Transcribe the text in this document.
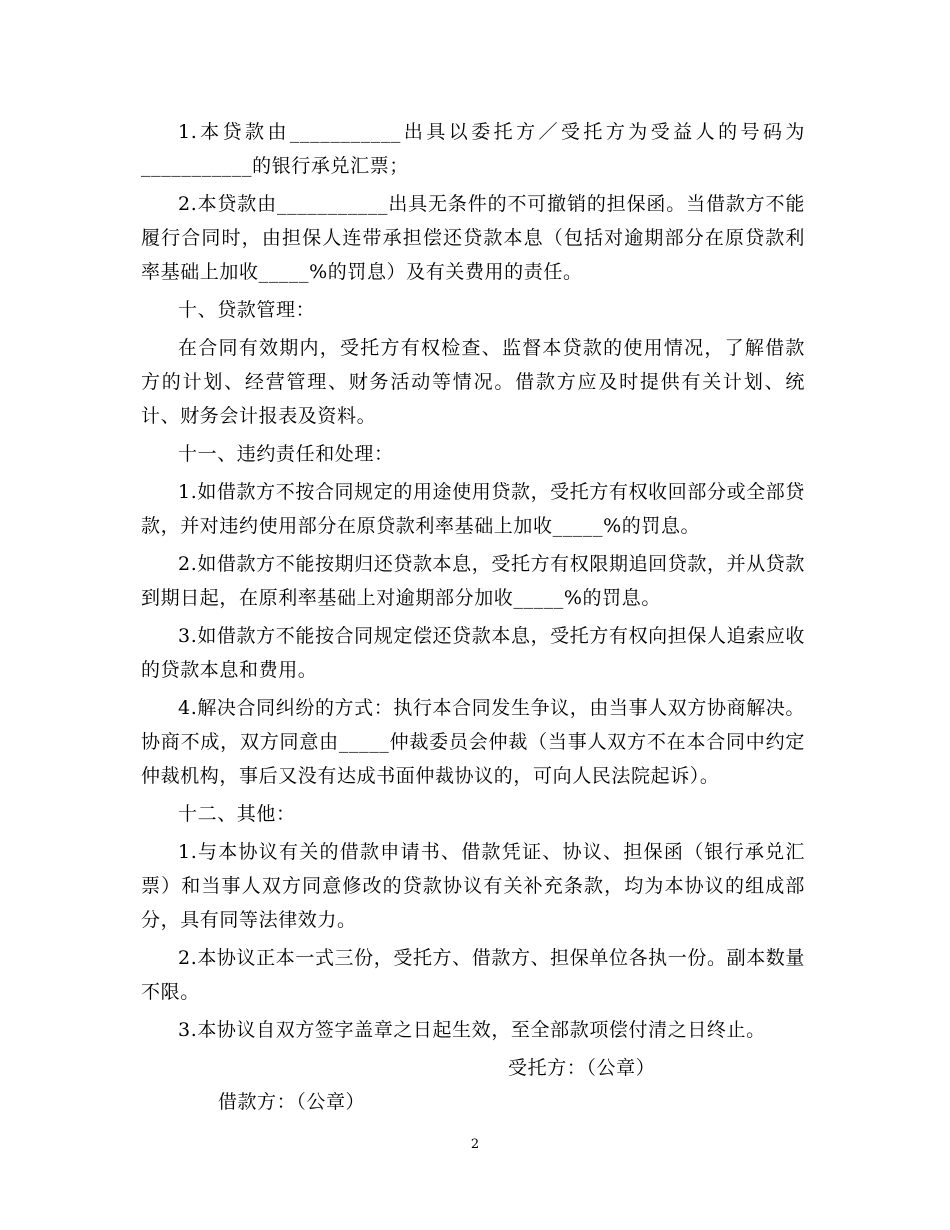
1.本贷款由___________出具以委托方／受托方为受益人的号码为___________的银行承兑汇票；

2.本贷款由___________出具无条件的不可撤销的担保函。当借款方不能履行合同时，由担保人连带承担偿还贷款本息（包括对逾期部分在原贷款利率基础上加收_____%的罚息）及有关费用的责任。

十、贷款管理：

在合同有效期内，受托方有权检查、监督本贷款的使用情况，了解借款方的计划、经营管理、财务活动等情况。借款方应及时提供有关计划、统计、财务会计报表及资料。

十一、违约责任和处理：

1.如借款方不按合同规定的用途使用贷款，受托方有权收回部分或全部贷款，并对违约使用部分在原贷款利率基础上加收_____%的罚息。

2.如借款方不能按期归还贷款本息，受托方有权限期追回贷款，并从贷款到期日起，在原利率基础上对逾期部分加收_____%的罚息。

3.如借款方不能按合同规定偿还贷款本息，受托方有权向担保人追索应收的贷款本息和费用。

4.解决合同纠纷的方式：执行本合同发生争议，由当事人双方协商解决。协商不成，双方同意由_____仲裁委员会仲裁（当事人双方不在本合同中约定仲裁机构，事后又没有达成书面仲裁协议的，可向人民法院起诉）。

十二、其他：

1.与本协议有关的借款申请书、借款凭证、协议、担保函（银行承兑汇票）和当事人双方同意修改的贷款协议有关补充条款，均为本协议的组成部分，具有同等法律效力。

2.本协议正本一式三份，受托方、借款方、担保单位各执一份。副本数量不限。

3.本协议自双方签字盖章之日起生效，至全部款项偿付清之日终止。

借款方：（公章）

受托方：（公章）

2
